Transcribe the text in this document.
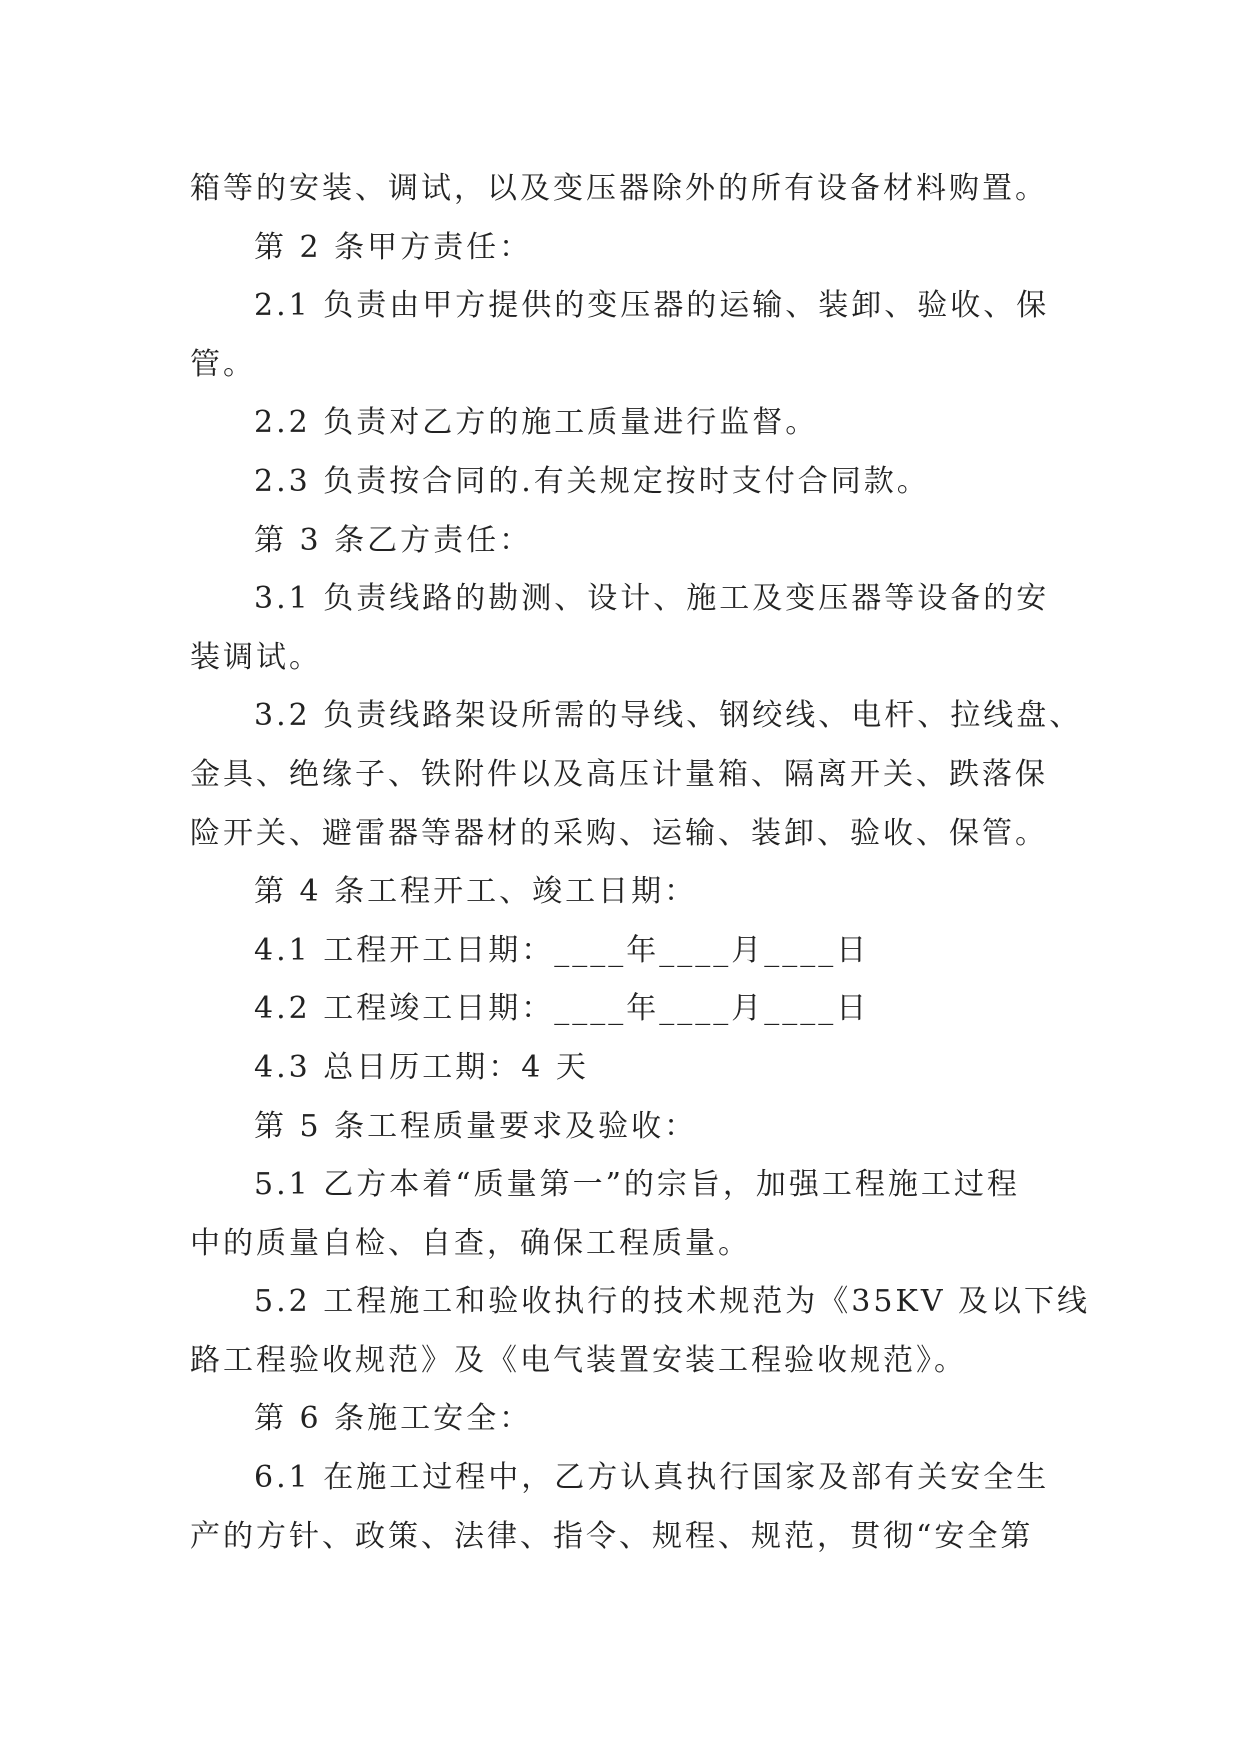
箱等的安装、调试，以及变压器除外的所有设备材料购置。
第 2 条甲方责任：
2.1 负责由甲方提供的变压器的运输、装卸、验收、保
管。
2.2 负责对乙方的施工质量进行监督。
2.3 负责按合同的.有关规定按时支付合同款。
第 3 条乙方责任：
3.1 负责线路的勘测、设计、施工及变压器等设备的安
装调试。
3.2 负责线路架设所需的导线、钢绞线、电杆、拉线盘、
金具、绝缘子、铁附件以及高压计量箱、隔离开关、跌落保
险开关、避雷器等器材的采购、运输、装卸、验收、保管。
第 4 条工程开工、竣工日期：
4.1 工程开工日期：____年____月____日
4.2 工程竣工日期：____年____月____日
4.3 总日历工期：4 天
第 5 条工程质量要求及验收：
5.1 乙方本着“质量第一”的宗旨，加强工程施工过程
中的质量自检、自查，确保工程质量。
5.2 工程施工和验收执行的技术规范为《35KV 及以下线
路工程验收规范》及《电气装置安装工程验收规范》。
第 6 条施工安全：
6.1 在施工过程中，乙方认真执行国家及部有关安全生
产的方针、政策、法律、指令、规程、规范，贯彻“安全第
